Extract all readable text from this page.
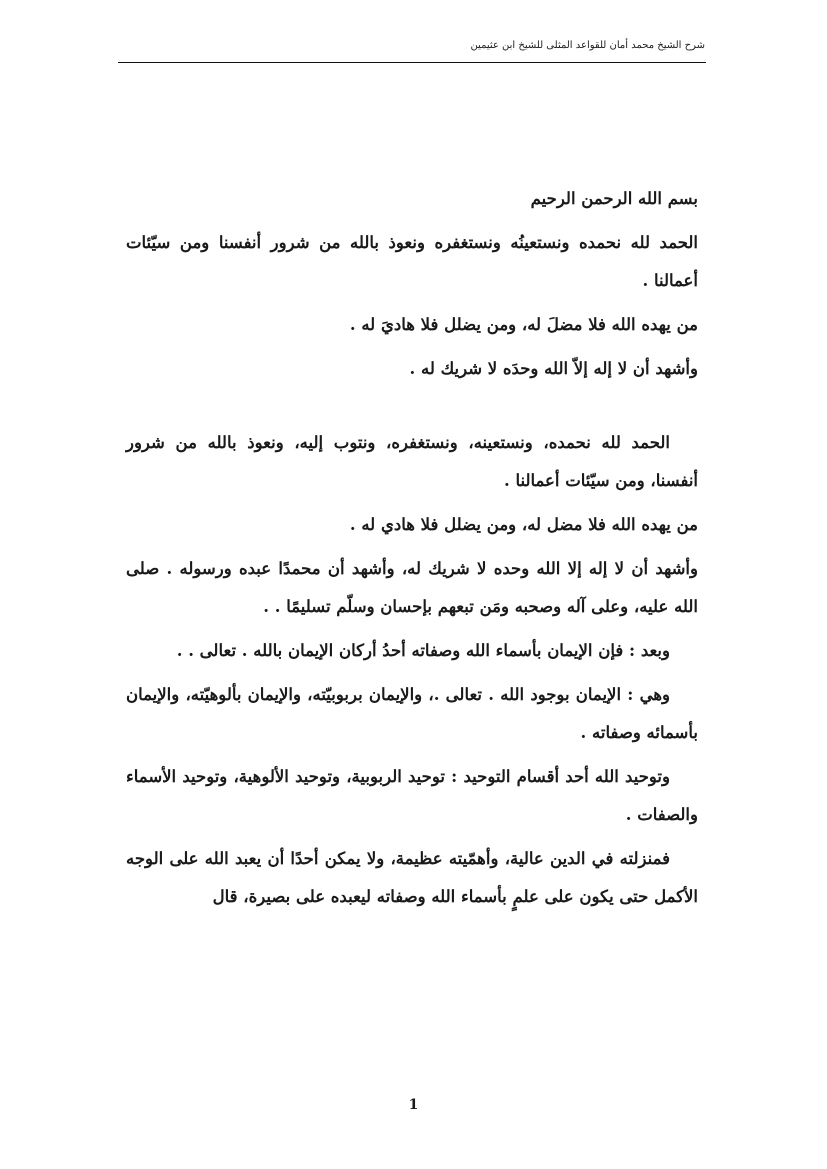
شرح الشيخ محمد أمان للقواعد المثلى للشيخ ابن عثيمين

بسم الله الرحمن الرحيم

الحمد لله نحمده ونستعينُه ونستغفره ونعوذ بالله من شرور أنفسنا ومن سيّئات أعمالنا .

من يهده الله فلا مضلَ له، ومن يضلل فلا هاديَ له .

وأشهد أن لا إله إلاّ الله وحدَه لا شريك له .

الحمد لله نحمده، ونستعينه، ونستغفره، ونتوب إليه، ونعوذ بالله من شرور أنفسنا، ومن سيّئات أعمالنا .

من يهده الله فلا مضل له، ومن يضلل فلا هادي له .

وأشهد أن لا إله إلا الله وحده لا شريك له، وأشهد أن محمدًا عبده ورسوله . صلى الله عليه، وعلى آله وصحبه ومَن تبعهم بإحسان وسلّم تسليمًا . .

وبعد : فإن الإيمان بأسماء الله وصفاته أحدُ أركان الإيمان بالله . تعالى . .

وهي : الإيمان بوجود الله . تعالى .، والإيمان بربوبيّته، والإيمان بألوهيّته، والإيمان بأسمائه وصفاته .

وتوحيد الله أحد أقسام التوحيد : توحيد الربوبية، وتوحيد الألوهية، وتوحيد الأسماء والصفات .

فمنزلته في الدين عالية، وأهمّيته عظيمة، ولا يمكن أحدًا أن يعبد الله على الوجه الأكمل حتى يكون على علمٍ بأسماء الله وصفاته ليعبده على بصيرة، قال

1
